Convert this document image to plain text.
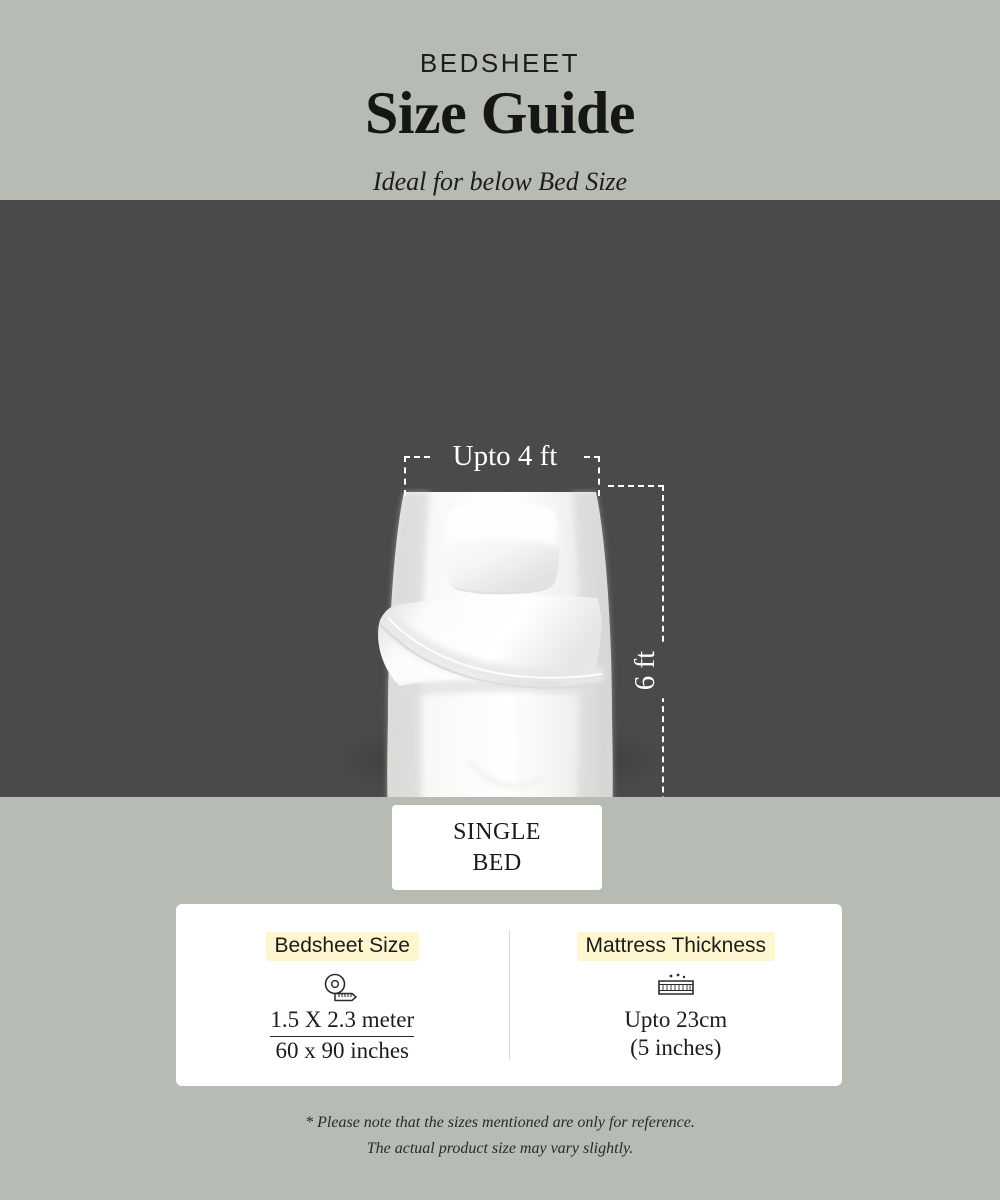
BEDSHEET
Size Guide
Ideal for below Bed Size
Upto 4 ft
6 ft
SINGLE
BED
Bedsheet Size
1.5 X 2.3 meter
60 x 90 inches
Mattress Thickness
Upto 23cm
(5 inches)
* Please note that the sizes mentioned are only for reference.
The actual product size may vary slightly.
